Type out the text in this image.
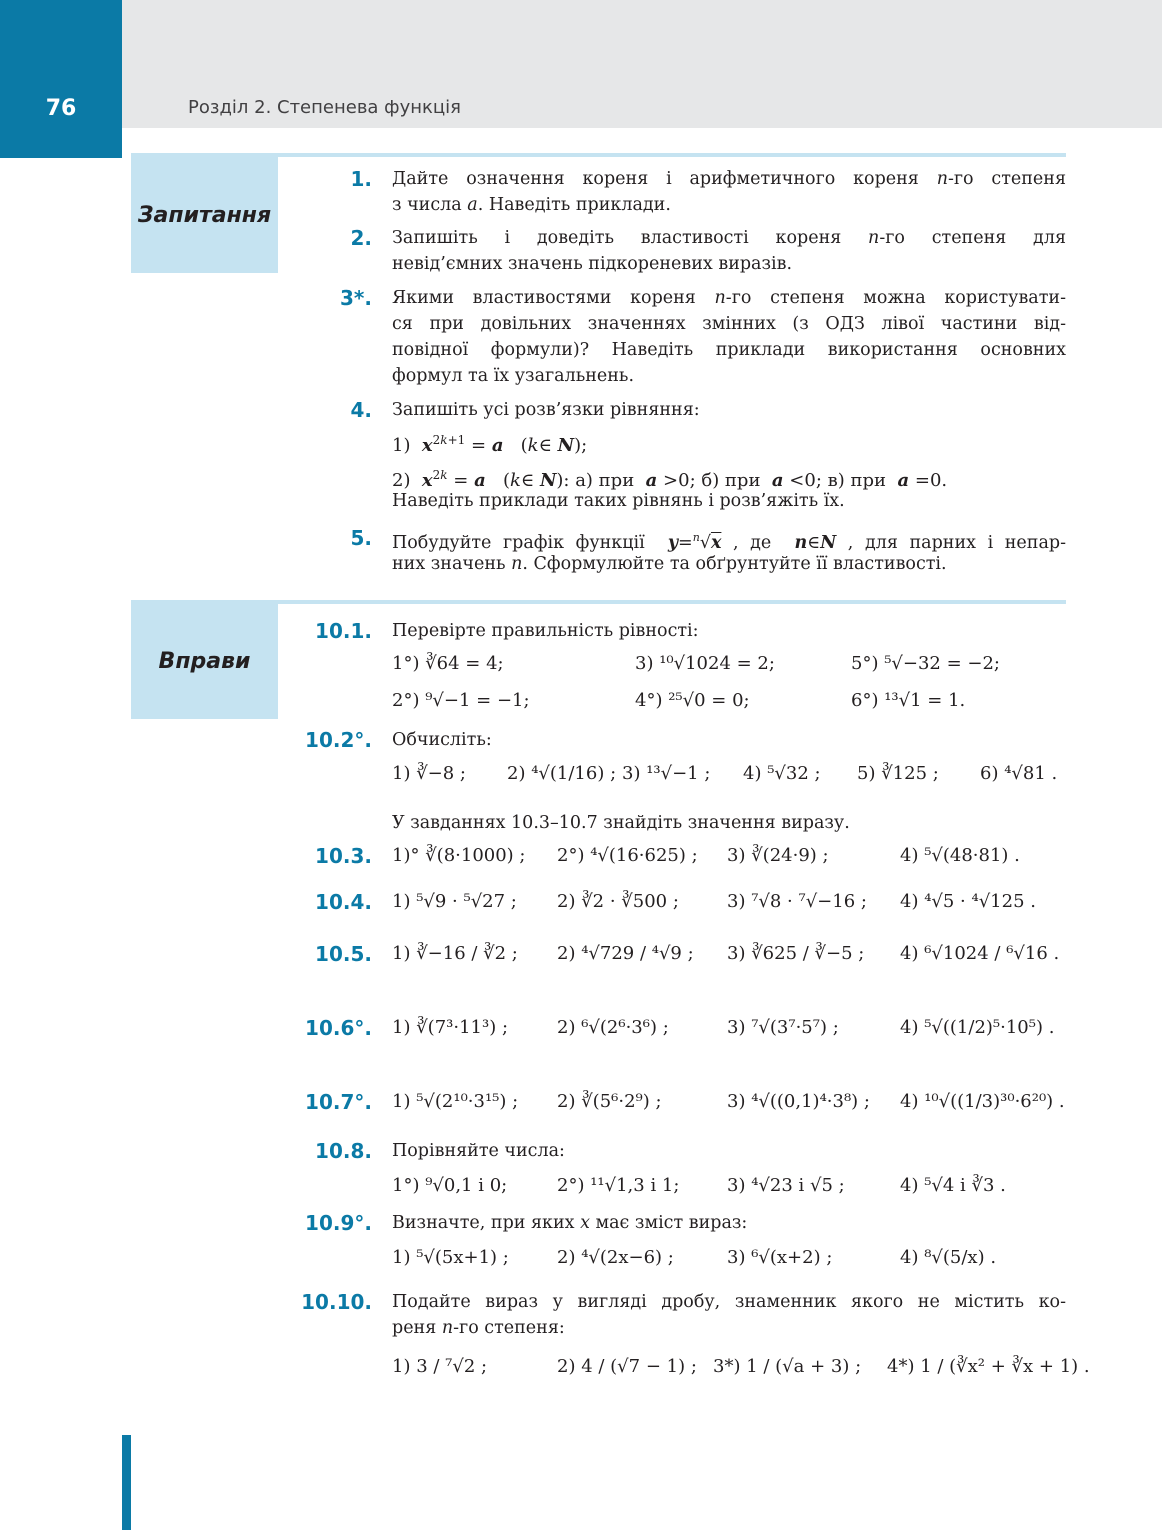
76	Розділ 2. Степенева функція
Запитання
1. Дайте означення кореня і арифметичного кореня n-го степеня
з числа a. Наведіть приклади.
2. Запишіть і доведіть властивості кореня n-го степеня для
невід’ємних значень підкореневих виразів.
3*. Якими властивостями кореня n-го степеня можна користувати-
ся при довільних значеннях змінних (з ОДЗ лівої частини від-
повідної формули)? Наведіть приклади використання основних
формул та їх узагальнень.
4. Запишіть усі розв’язки рівняння:
1)  $x^{2k+1} = a$   (k∈ N);
2)  $x^{2k} = a$   (k∈ N): а) при  a >0; б) при  a <0; в) при  a =0.
Наведіть приклади таких рівнянь і розв’яжіть їх.
5. Побудуйте графік функції  y=$^n$√x , де  n∈N , для парних і непар-
них значень n. Сформулюйте та обґрунтуйте її властивості.
Вправи
10.1. Перевірте правильність рівності:
1°) ∛64 = 4;	3) ¹⁰√1024 = 2;	5°) ⁵√−32 = −2;
2°) ⁹√−1 = −1;	4°) ²⁵√0 = 0;	6°) ¹³√1 = 1.
10.2°. Обчисліть:
1) ∛−8 ; 2) ⁴√(1/16) ; 3) ¹³√−1 ; 4) ⁵√32 ; 5) ∛125 ; 6) ⁴√81 .
У завданнях 10.3–10.7 знайдіть значення виразу.
10.3. 1)° ∛(8·1000) ; 2°) ⁴√(16·625) ; 3) ∛(24·9) ;	4) ⁵√(48·81) .
10.4. 1) ⁵√9 · ⁵√27 ; 2) ∛2 · ∛500 ;	3) ⁷√8 · ⁷√−16 ; 4) ⁴√5 · ⁴√125 .
10.5. 1) ∛−16 / ∛2 ; 2) ⁴√729 / ⁴√9 ; 3) ∛625 / ∛−5 ; 4) ⁶√1024 / ⁶√16 .
10.6°. 1) ∛(7³·11³) ;	2) ⁶√(2⁶·3⁶) ;	3) ⁷√(3⁷·5⁷) ;	4) ⁵√((1/2)⁵·10⁵) .
10.7°. 1) ⁵√(2¹⁰·3¹⁵) ; 2) ∛(5⁶·2⁹) ;	3) ⁴√((0,1)⁴·3⁸) ; 4) ¹⁰√((1/3)³⁰·6²⁰) .
10.8. Порівняйте числа:
1°) ⁹√0,1 і 0;	2°) ¹¹√1,3 і 1;	3) ⁴√23 і √5 ;	4) ⁵√4 і ∛3 .
10.9°. Визначте, при яких x має зміст вираз:
1) ⁵√(5x+1) ;	2) ⁴√(2x−6) ;	3) ⁶√(x+2) ;	4) ⁸√(5/x) .
10.10. Подайте вираз у вигляді дробу, знаменник якого не містить ко-
реня n-го степеня:
1) 3 / ⁷√2 ;	2) 4 / (√7 − 1) ; 3*) 1 / (√a + 3) ; 4*) 1 / (∛x² + ∛x + 1) .
